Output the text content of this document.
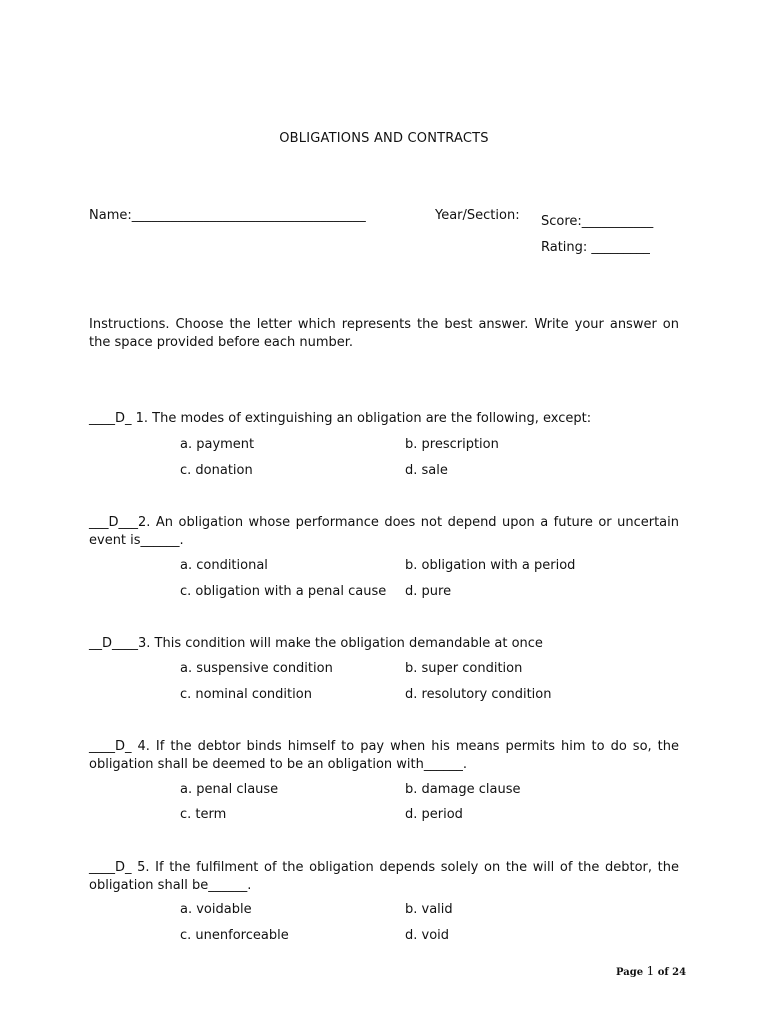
OBLIGATIONS AND CONTRACTS
Name:____________________________________	Year/Section: Score:___________
Rating: _________
Instructions. Choose the letter which represents the best answer. Write your answer on the space provided before each number.
____D_ 1. The modes of extinguishing an obligation are the following, except:
a. payment	b. prescription
c. donation	d. sale
___D___2. An obligation whose performance does not depend upon a future or uncertain event is______.
a. conditional	b. obligation with a period
c. obligation with a penal cause d. pure
__D____3. This condition will make the obligation demandable at once
a. suspensive condition	b. super condition
c. nominal condition	d. resolutory condition
____D_ 4. If the debtor binds himself to pay when his means permits him to do so, the obligation shall be deemed to be an obligation with______.
a. penal clause	b. damage clause
c. term	d. period
____D_ 5. If the fulfilment of the obligation depends solely on the will of the debtor, the obligation shall be______.
a. voidable	b. valid
c. unenforceable	d. void
Page 1 of 24
